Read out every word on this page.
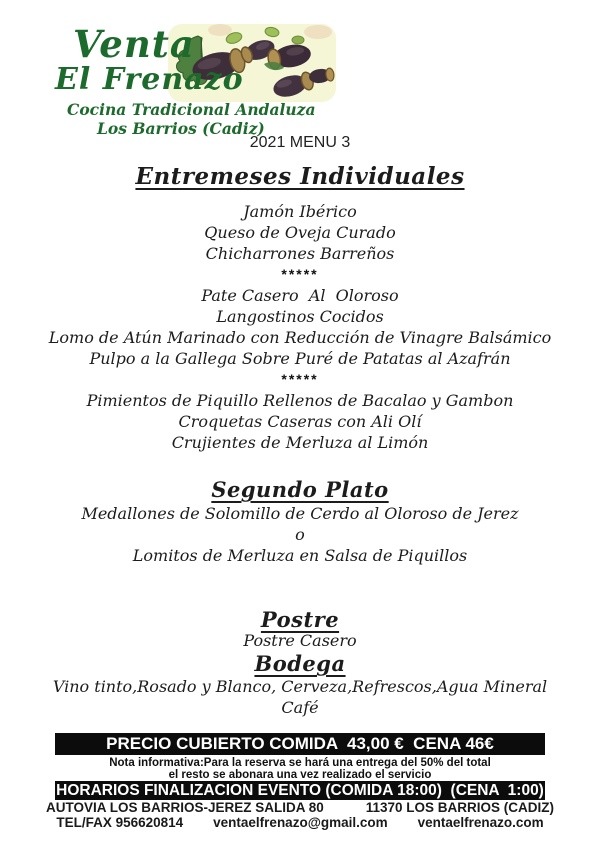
Venta
El Frenazo
Cocina Tradicional Andaluza
Los Barrios (Cadiz)
2021 MENU 3
Entremeses Individuales
Jamón Ibérico
Queso de Oveja Curado
Chicharrones Barreños
*****
Pate Casero  Al  Oloroso
Langostinos Cocidos
Lomo de Atún Marinado con Reducción de Vinagre Balsámico
Pulpo a la Gallega Sobre Puré de Patatas al Azafrán
*****
Pimientos de Piquillo Rellenos de Bacalao y Gambon
Croquetas Caseras con Ali Olí
Crujientes de Merluza al Limón
Segundo Plato
Medallones de Solomillo de Cerdo al Oloroso de Jerez
o
Lomitos de Merluza en Salsa de Piquillos
Postre
Postre Casero
Bodega
Vino tinto,Rosado y Blanco, Cerveza,Refrescos,Agua Mineral
Café
PRECIO CUBIERTO COMIDA  43,00 €  CENA 46€
Nota informativa:Para la reserva se hará una entrega del 50% del total
el resto se abonara una vez realizado el servicio
HORARIOS FINALIZACION EVENTO (COMIDA 18:00)  (CENA  1:00)
AUTOVIA LOS BARRIOS-JEREZ SALIDA 80	11370 LOS BARRIOS (CADIZ)
TEL/FAX 956620814 ventaelfrenazo@gmail.com ventaelfrenazo.com
